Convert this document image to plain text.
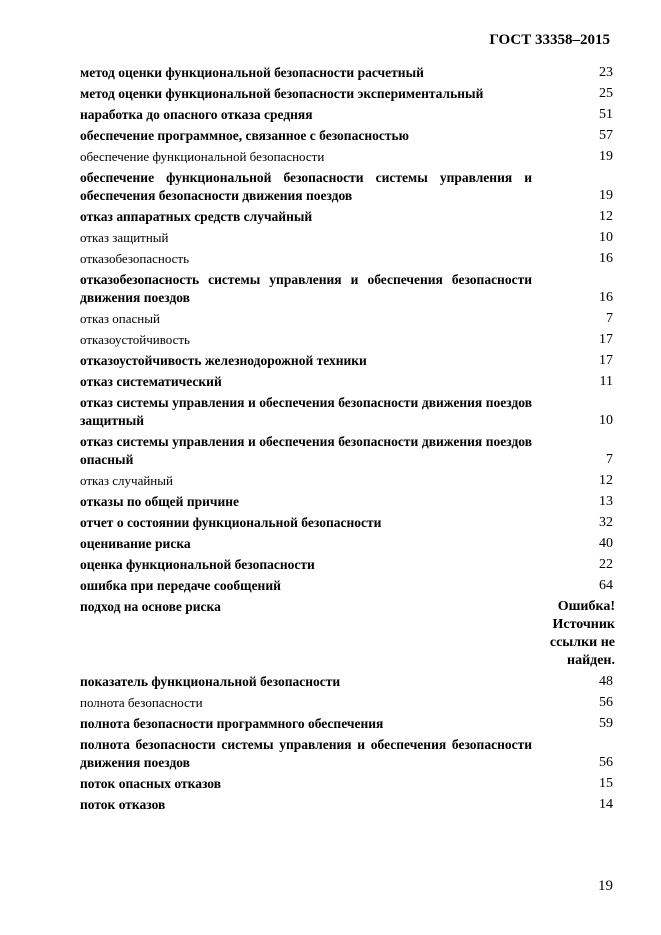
ГОСТ 33358–2015
метод оценки функциональной безопасности расчетный	23
метод оценки функциональной безопасности экспериментальный	25
наработка до опасного отказа средняя	51
обеспечение программное, связанное с безопасностью	57
обеспечение функциональной безопасности	19
обеспечение функциональной безопасности системы управления и обеспечения безопасности движения поездов	19
отказ аппаратных средств случайный	12
отказ защитный	10
отказобезопасность	16
отказобезопасность системы управления и обеспечения безопасности движения поездов	16
отказ опасный	7
отказоустойчивость	17
отказоустойчивость железнодорожной техники	17
отказ систематический	11
отказ системы управления и обеспечения безопасности движения поездов защитный	10
отказ системы управления и обеспечения безопасности движения поездов опасный	7
отказ случайный	12
отказы по общей причине	13
отчет о состоянии функциональной безопасности	32
оценивание риска	40
оценка функциональной безопасности	22
ошибка при передаче сообщений	64
подход на основе риска	Ошибка! Источник ссылки не найден.
показатель функциональной безопасности	48
полнота безопасности	56
полнота безопасности программного обеспечения	59
полнота безопасности системы управления и обеспечения безопасности движения поездов	56
поток опасных отказов	15
поток отказов	14
19
